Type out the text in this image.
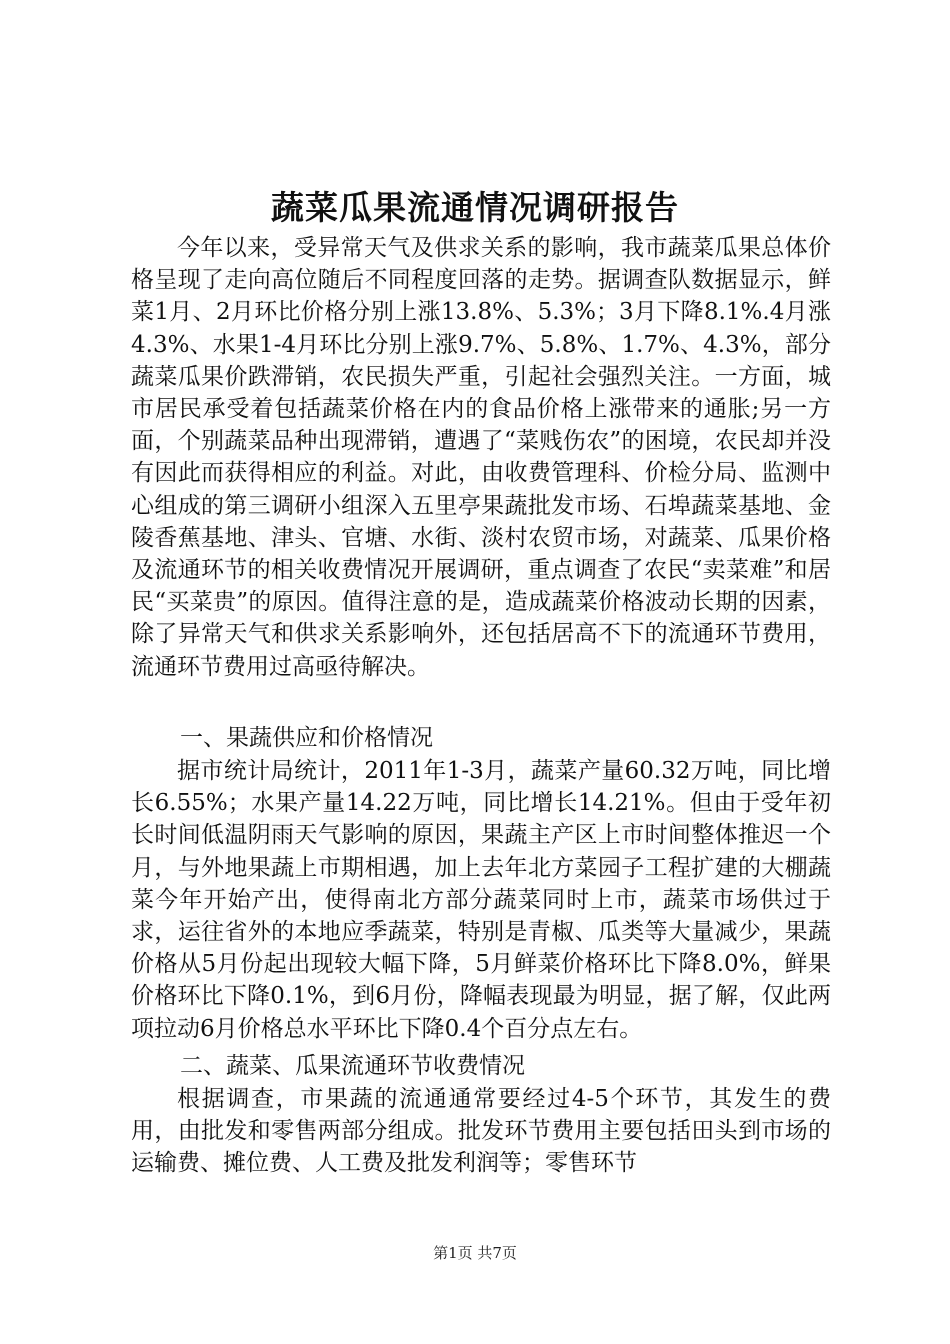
蔬菜瓜果流通情况调研报告

今年以来，受异常天气及供求关系的影响，我市蔬菜瓜果总体价格呈现了走向高位随后不同程度回落的走势。据调查队数据显示，鲜菜1月、2月环比价格分别上涨13.8%、5.3%；3月下降8.1%.4月涨4.3%、水果1-4月环比分别上涨9.7%、5.8%、1.7%、4.3%，部分蔬菜瓜果价跌滞销，农民损失严重，引起社会强烈关注。一方面，城市居民承受着包括蔬菜价格在内的食品价格上涨带来的通胀;另一方面，个别蔬菜品种出现滞销，遭遇了“菜贱伤农”的困境，农民却并没有因此而获得相应的利益。对此，由收费管理科、价检分局、监测中心组成的第三调研小组深入五里亭果蔬批发市场、石埠蔬菜基地、金陵香蕉基地、津头、官塘、水街、淡村农贸市场，对蔬菜、瓜果价格及流通环节的相关收费情况开展调研，重点调查了农民“卖菜难”和居民“买菜贵”的原因。值得注意的是，造成蔬菜价格波动长期的因素，除了异常天气和供求关系影响外，还包括居高不下的流通环节费用，流通环节费用过高亟待解决。

一、果蔬供应和价格情况

据市统计局统计，2011年1-3月，蔬菜产量60.32万吨，同比增长6.55%；水果产量14.22万吨，同比增长14.21%。但由于受年初长时间低温阴雨天气影响的原因，果蔬主产区上市时间整体推迟一个月，与外地果蔬上市期相遇，加上去年北方菜园子工程扩建的大棚蔬菜今年开始产出，使得南北方部分蔬菜同时上市，蔬菜市场供过于求，运往省外的本地应季蔬菜，特别是青椒、瓜类等大量减少，果蔬价格从5月份起出现较大幅下降，5月鲜菜价格环比下降8.0%，鲜果价格环比下降0.1%，到6月份，降幅表现最为明显，据了解，仅此两项拉动6月价格总水平环比下降0.4个百分点左右。

二、蔬菜、瓜果流通环节收费情况

根据调查，市果蔬的流通通常要经过4-5个环节，其发生的费用，由批发和零售两部分组成。批发环节费用主要包括田头到市场的运输费、摊位费、人工费及批发利润等；零售环节

第1页 共7页
